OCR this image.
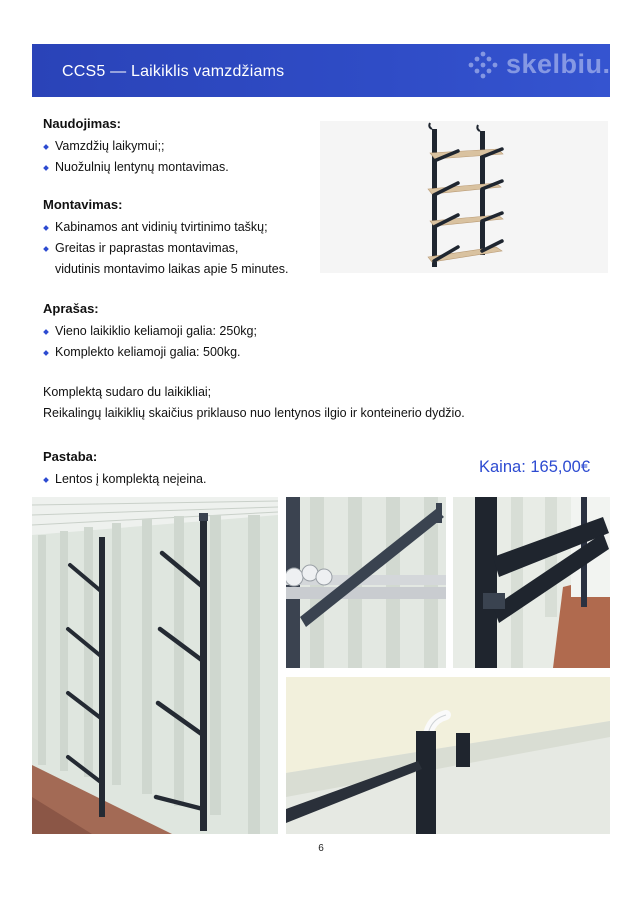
CCS5 — Laikiklis vamzdžiams	skelbiu.
Naudojimas:
Vamzdžių laikymui;;
Nuožulnių lentynų montavimas.
Montavimas:
Kabinamos ant vidinių tvirtinimo taškų;
Greitas ir paprastas montavimas,
vidutinis montavimo laikas apie 5 minutes.
Aprašas:
Vieno laikiklio keliamoji galia: 250kg;
Komplekto keliamoji galia: 500kg.
Komplektą sudaro du laikikliai;
Reikalingų laikiklių skaičius priklauso nuo lentynos ilgio ir konteinerio dydžio.
Pastaba:
Lentos į komplektą neįeina.
Kaina: 165,00€
6
